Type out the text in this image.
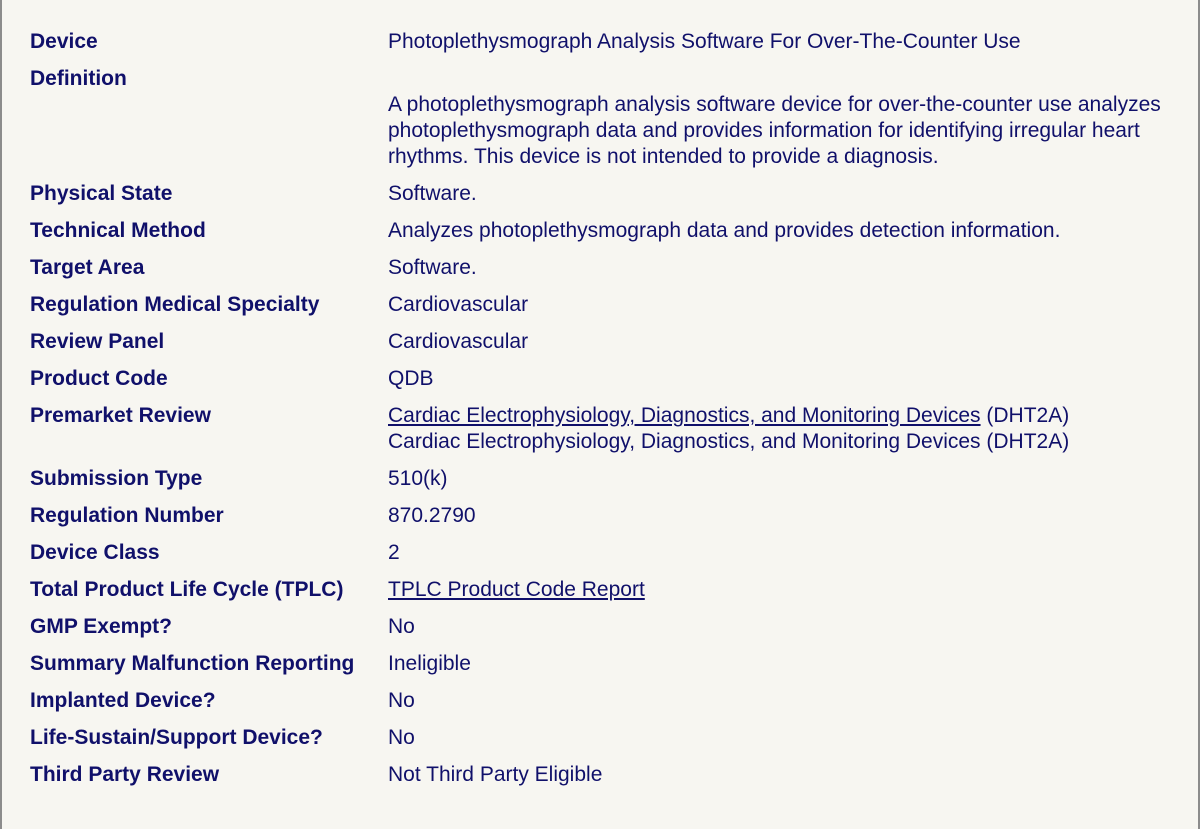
Device	Photoplethysmograph Analysis Software For Over-The-Counter Use
Definition	A photoplethysmograph analysis software device for over-the-counter use analyzes photoplethysmograph data and provides information for identifying irregular heart rhythms. This device is not intended to provide a diagnosis.

Physical State	Software.
Technical Method	Analyzes photoplethysmograph data and provides detection information.
Target Area	Software.
Regulation Medical Specialty	Cardiovascular
Review Panel	Cardiovascular
Product Code	QDB
Premarket Review	Cardiac Electrophysiology, Diagnostics, and Monitoring Devices (DHT2A)
Cardiac Electrophysiology, Diagnostics, and Monitoring Devices (DHT2A)
Submission Type	510(k)
Regulation Number	870.2790
Device Class	2
Total Product Life Cycle (TPLC)	TPLC Product Code Report
GMP Exempt?	No
Summary Malfunction Reporting	Ineligible
Implanted Device?	No
Life-Sustain/Support Device?	No
Third Party Review	Not Third Party Eligible
